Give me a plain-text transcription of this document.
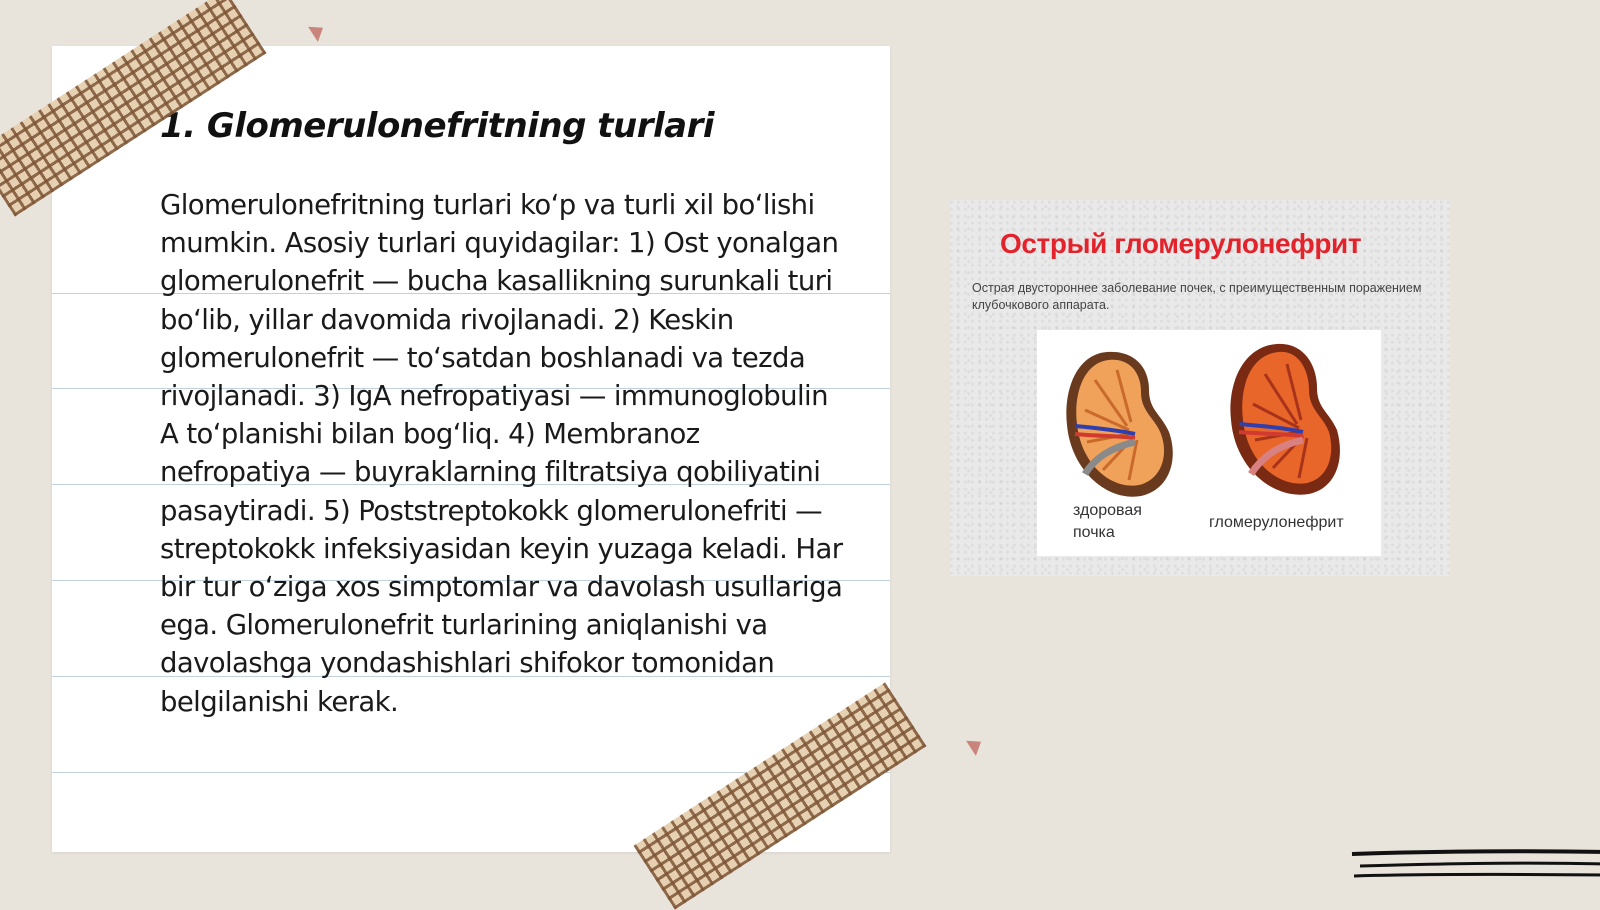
1. Glomerulonefritning turlari

Glomerulonefritning turlari koʻp va turli xil boʻlishi mumkin. Asosiy turlari quyidagilar: 1) Ost yonalgan glomerulonefrit — bucha kasallikning surunkali turi boʻlib, yillar davomida rivojlanadi. 2) Keskin glomerulonefrit — toʻsatdan boshlanadi va tezda rivojlanadi. 3) IgA nefropatiyasi — immunoglobulin A toʻplanishi bilan bogʻliq. 4) Membranoz nefropatiya — buyraklarning filtratsiya qobiliyatini pasaytiradi. 5) Poststreptokokk glomerulonefriti — streptokokk infeksiyasidan keyin yuzaga keladi. Har bir tur oʻziga xos simptomlar va davolash usullariga ega. Glomerulonefrit turlarining aniqlanishi va davolashga yondashishlari shifokor tomonidan belgilanishi kerak.

Острый гломерулонефрит
Острая двустороннее заболевание почек, с преимущественным поражением клубочкового аппарата.
здоровая почка
гломерулонефрит
